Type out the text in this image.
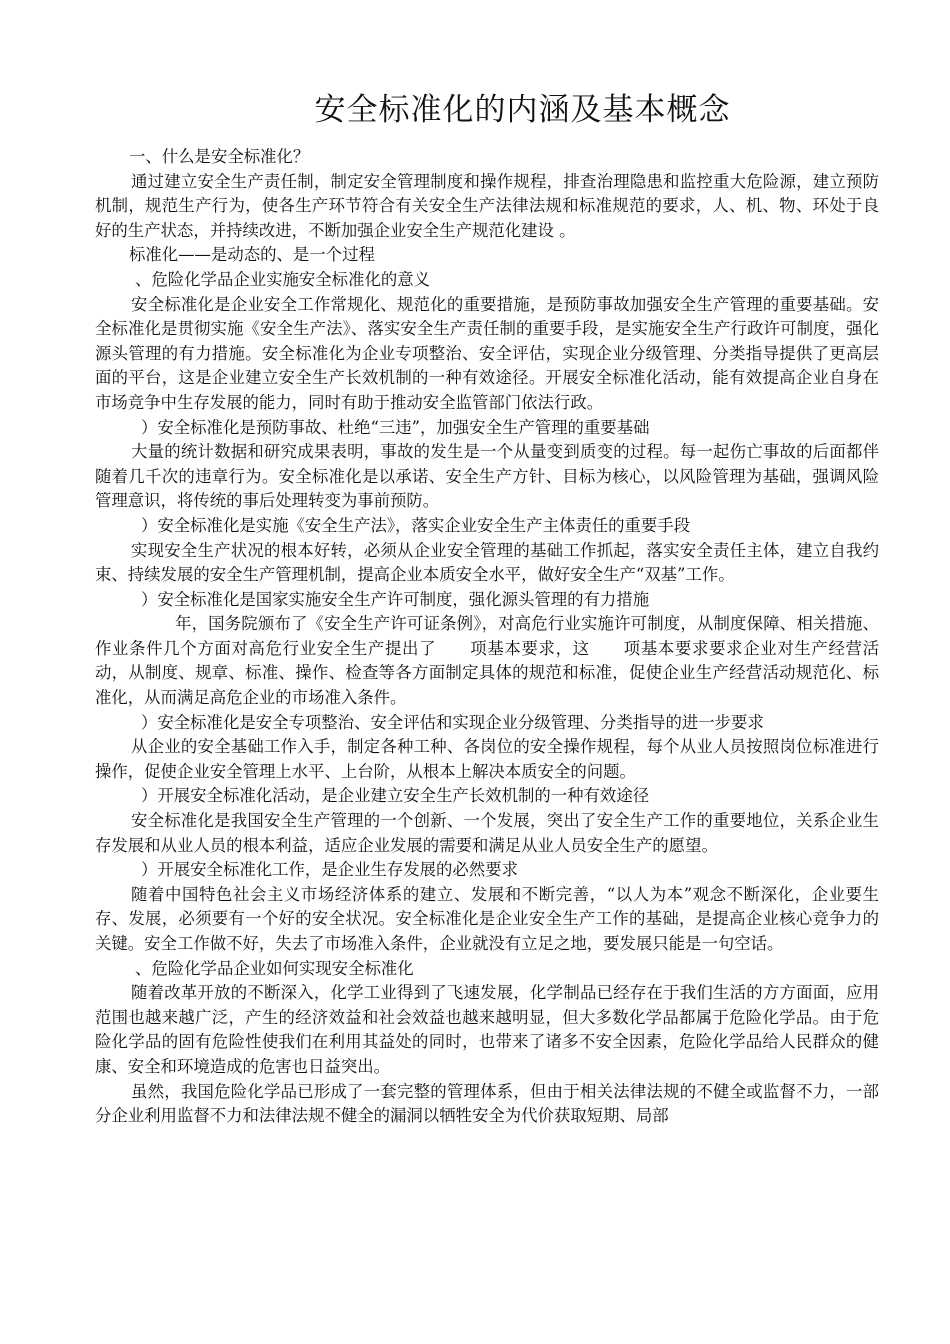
安全标准化的内涵及基本概念

一、什么是安全标准化？

通过建立安全生产责任制，制定安全管理制度和操作规程，排查治理隐患和监控重大危险源，建立预防机制，规范生产行为，使各生产环节符合有关安全生产法律法规和标准规范的要求，人、机、物、环处于良好的生产状态，并持续改进，不断加强企业安全生产规范化建设 。

标准化——是动态的、是一个过程

、危险化学品企业实施安全标准化的意义

安全标准化是企业安全工作常规化、规范化的重要措施，是预防事故加强安全生产管理的重要基础。安全标准化是贯彻实施《安全生产法》、落实安全生产责任制的重要手段，是实施安全生产行政许可制度，强化源头管理的有力措施。安全标准化为企业专项整治、安全评估，实现企业分级管理、分类指导提供了更高层面的平台，这是企业建立安全生产长效机制的一种有效途径。开展安全标准化活动，能有效提高企业自身在市场竞争中生存发展的能力，同时有助于推动安全监管部门依法行政。

）安全标准化是预防事故、杜绝“三违”，加强安全生产管理的重要基础

大量的统计数据和研究成果表明，事故的发生是一个从量变到质变的过程。每一起伤亡事故的后面都伴随着几千次的违章行为。安全标准化是以承诺、安全生产方针、目标为核心，以风险管理为基础，强调风险管理意识，将传统的事后处理转变为事前预防。

）安全标准化是实施《安全生产法》，落实企业安全生产主体责任的重要手段

实现安全生产状况的根本好转，必须从企业安全管理的基础工作抓起，落实安全责任主体，建立自我约束、持续发展的安全生产管理机制，提高企业本质安全水平，做好安全生产“双基”工作。

）安全标准化是国家实施安全生产许可制度，强化源头管理的有力措施

年，国务院颁布了《安全生产许可证条例》，对高危行业实施许可制度，从制度保障、相关措施、作业条件几个方面对高危行业安全生产提出了　　项基本要求，这　　项基本要求要求企业对生产经营活动，从制度、规章、标准、操作、检查等各方面制定具体的规范和标准，促使企业生产经营活动规范化、标准化，从而满足高危企业的市场准入条件。

）安全标准化是安全专项整治、安全评估和实现企业分级管理、分类指导的进一步要求

从企业的安全基础工作入手，制定各种工种、各岗位的安全操作规程，每个从业人员按照岗位标准进行操作，促使企业安全管理上水平、上台阶，从根本上解决本质安全的问题。

）开展安全标准化活动，是企业建立安全生产长效机制的一种有效途径

安全标准化是我国安全生产管理的一个创新、一个发展，突出了安全生产工作的重要地位，关系企业生存发展和从业人员的根本利益，适应企业发展的需要和满足从业人员安全生产的愿望。

）开展安全标准化工作，是企业生存发展的必然要求

随着中国特色社会主义市场经济体系的建立、发展和不断完善，“以人为本”观念不断深化，企业要生存、发展，必须要有一个好的安全状况。安全标准化是企业安全生产工作的基础，是提高企业核心竞争力的关键。安全工作做不好，失去了市场准入条件，企业就没有立足之地，要发展只能是一句空话。

、危险化学品企业如何实现安全标准化

随着改革开放的不断深入，化学工业得到了飞速发展，化学制品已经存在于我们生活的方方面面，应用范围也越来越广泛，产生的经济效益和社会效益也越来越明显，但大多数化学品都属于危险化学品。由于危险化学品的固有危险性使我们在利用其益处的同时，也带来了诸多不安全因素，危险化学品给人民群众的健康、安全和环境造成的危害也日益突出。

虽然，我国危险化学品已形成了一套完整的管理体系，但由于相关法律法规的不健全或监督不力，一部分企业利用监督不力和法律法规不健全的漏洞以牺牲安全为代价获取短期、局部
